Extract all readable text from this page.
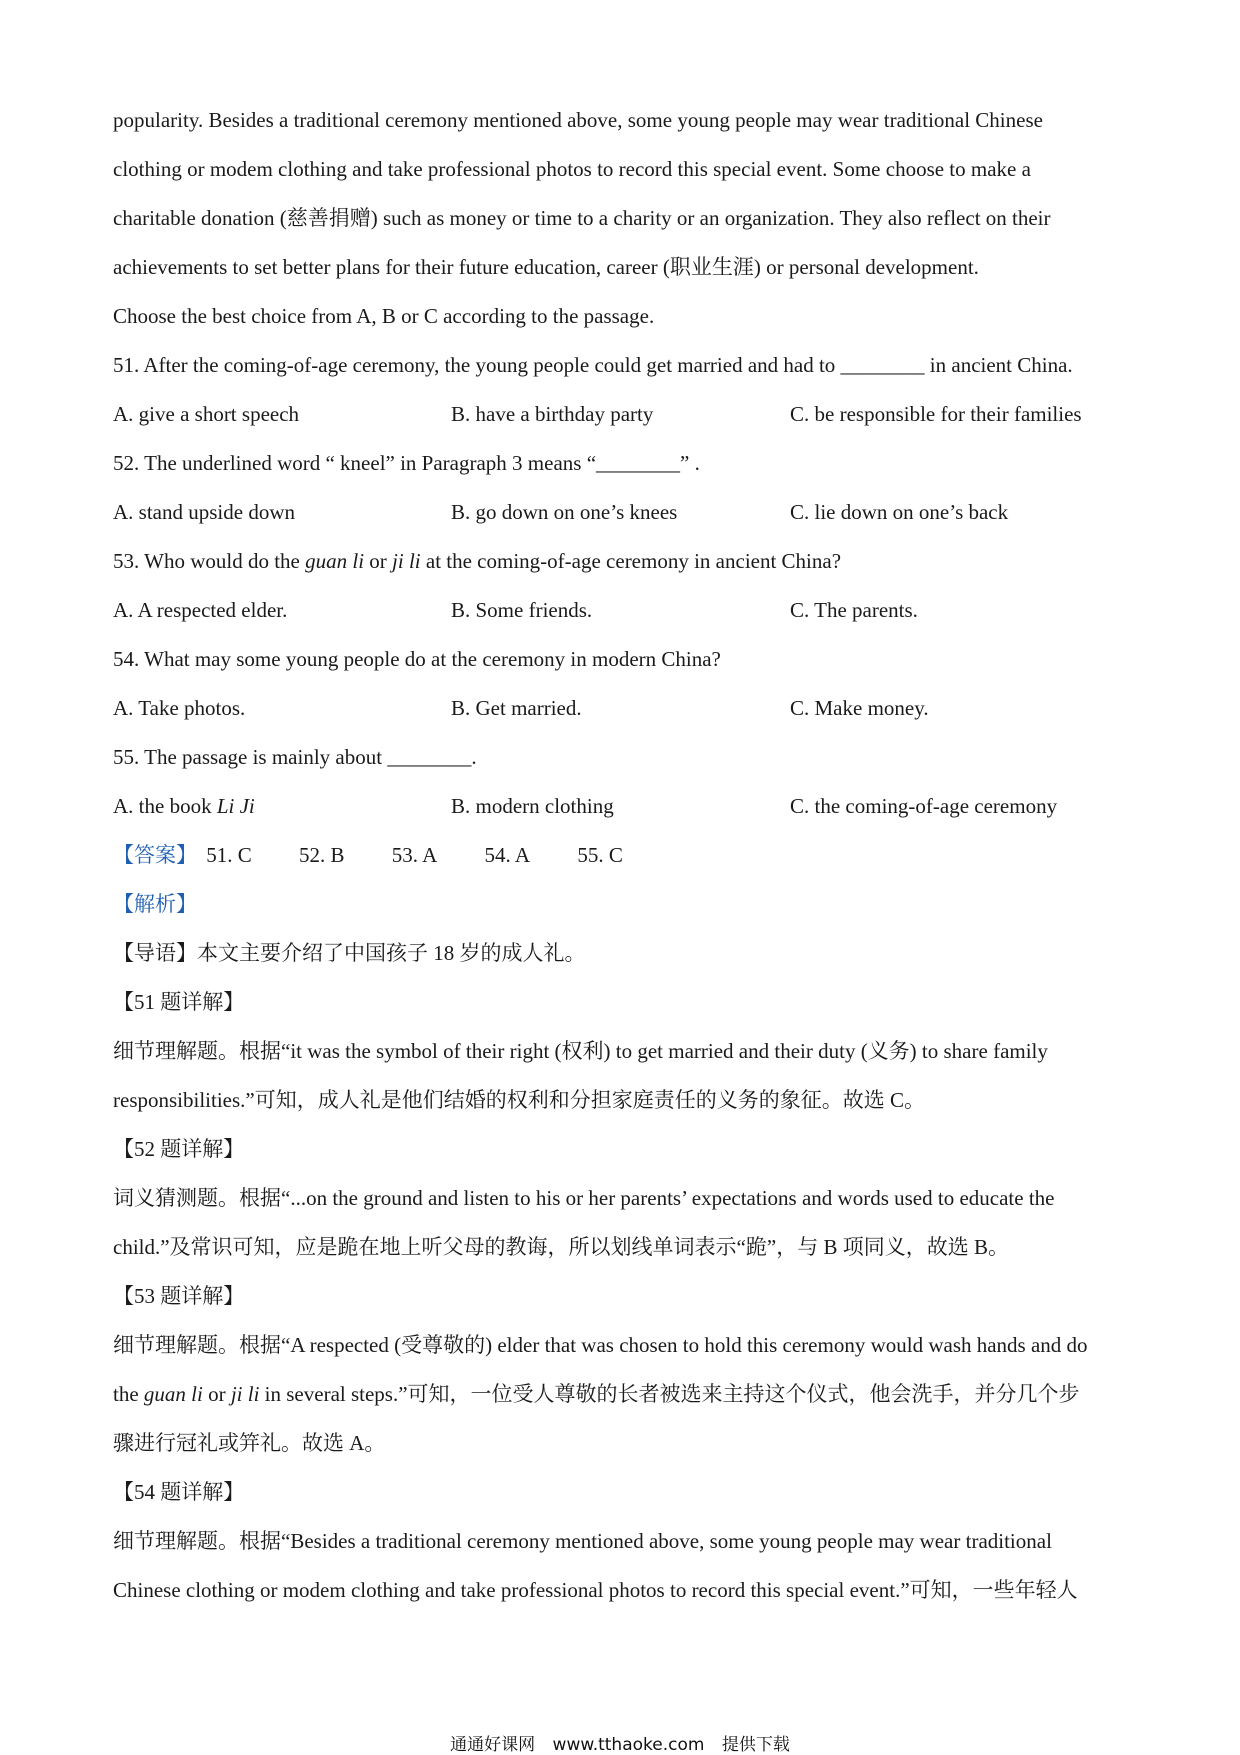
popularity. Besides a traditional ceremony mentioned above, some young people may wear traditional Chinese
clothing or modem clothing and take professional photos to record this special event. Some choose to make a
charitable donation (慈善捐赠) such as money or time to a charity or an organization. They also reflect on their
achievements to set better plans for their future education, career (职业生涯) or personal development.
Choose the best choice from A, B or C according to the passage.
51. After the coming-of-age ceremony, the young people could get married and had to ________ in ancient China.
A. give a short speech	B. have a birthday party	C. be responsible for their families
52. The underlined word “ kneel” in Paragraph 3 means “________” .
A. stand upside down	B. go down on one’s knees	C. lie down on one’s back
53. Who would do the guan li or ji li at the coming-of-age ceremony in ancient China?
A. A respected elder.	B. Some friends.	C. The parents.
54. What may some young people do at the ceremony in modern China?
A. Take photos.	B. Get married.	C. Make money.
55. The passage is mainly about ________.
A. the book Li Ji	B. modern clothing	C. the coming-of-age ceremony
【答案】 51. C 52. B 53. A 54. A 55. C
【解析】
【导语】本文主要介绍了中国孩子 18 岁的成人礼。
【51 题详解】
细节理解题。根据“it was the symbol of their right (权利) to get married and their duty (义务) to share family
responsibilities.”可知，成人礼是他们结婚的权利和分担家庭责任的义务的象征。故选 C。
【52 题详解】
词义猜测题。根据“...on the ground and listen to his or her parents’ expectations and words used to educate the
child.”及常识可知，应是跪在地上听父母的教诲，所以划线单词表示“跪”，与 B 项同义，故选 B。
【53 题详解】
细节理解题。根据“A respected (受尊敬的) elder that was chosen to hold this ceremony would wash hands and do
the guan li or ji li in several steps.”可知，一位受人尊敬的长者被选来主持这个仪式，他会洗手，并分几个步
骤进行冠礼或笄礼。故选 A。
【54 题详解】
细节理解题。根据“Besides a traditional ceremony mentioned above, some young people may wear traditional
Chinese clothing or modem clothing and take professional photos to record this special event.”可知，一些年轻人
通通好课网 www.tthaoke.com 提供下载
